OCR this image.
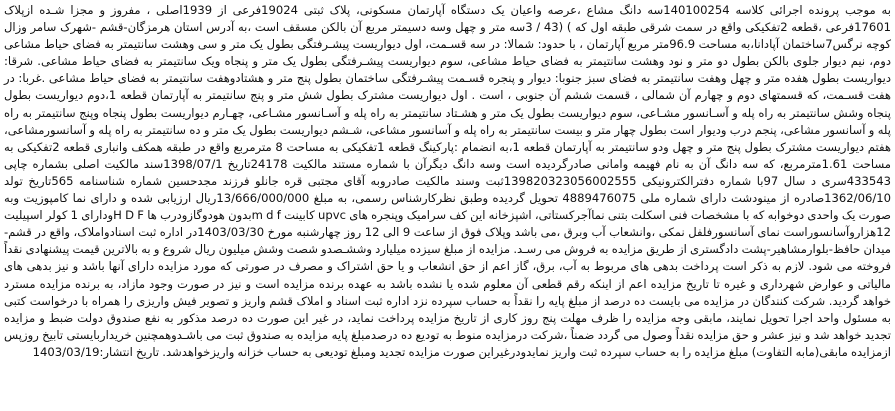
به موجب پرونده اجرائی کلاسه 140100254سه دانگ مشاع ،عرصه واعیان یک دستگاه آپارتمان مسکونی، پلاک ثبتی 19024فرعی از 1939اصلی ، مفروز و مجزا شـده ازپلاک 17601فرعی ،قطعه 2تفکیکی واقع در سمت شرقی طبقه اول که ) (43 / 3سه متر و چهل وسه دسیمتر مربع آن بالکن مسقف است ،به آدرس استان هرمزگان-قشم -شهرک سامر وزال کوچه نرگس7ساختمان آپادانا،به مساحت 96.9متر مربع آپارتمان ، با حدود: شمالا: در سه قسـمت، اول دیواریست پیشـرفتگی بطول یک متر و سی وهشت سانتیمتر به فضای حیاط مشاعی دوم، نیم دیوار جلوی بالکن بطول دو متر و نود وهشت سانتیمتر به فضای حیاط مشاعی، سوم دیواریست پیشـرفتگی بطول یک متر و پنجاه ویک سانتیمتر به فضای حیاط مشاعی. شرقا: دیواریست بطول هفده متر و چهل وهفت سانتیمتر به فضای سبز جنوبا: دیوار و پنجره قسـمت پیشـرفتگی ساختمان بطول پنج متر و هشتادوهفت سانتیمتر به فضای حیاط مشاعی .غربا: در هفت قسـمت، که قسمتهای دوم و چهارم آن شمالی ، قسمت ششم آن جنوبی ، است . اول دیواریست مشترک بطول شش متر و پنج سانتیمتر به آپارتمان قطعه 1،دوم دیواریست بطول پنجاه وشش سانتیمتر به راه پله و آسـانسور مشـاعی، سوم دیواریست بطول یک متر و هشـتاد سانتیمتر به راه پله و آسـانسور مشـاعی، چهـارم دیواریست بطول پنجاه وپنج سانتیمتر به راه پله و آسانسور مشاعی، پنجم درب ودیوار است بطول چهار متر و بیست سانتیمتر به راه پله و آسانسور مشاعی، شـشم دیواریست بطول یک متر و ده سانتیمتر به راه پله و آسانسورمشاعی، هفتم دیواریست مشترک بطول پنج متر و چهل ودو سانتیمتر به آپارتمان قطعه 1،به انضمام :پارکینگ قطعه 1تفکیکی به مساحت 8 مترمربع واقع در طبقه همکف وانباری قطعه 2تفکیکی به مساحت 1.61مترمربع، که سه دانگ آن به نام فهیمه وامانی صادرگردیده است وسه دانگ دیگرآن با شماره مستند مالکیت 24178تاریخ 1398/07/1سند مالکیت اصلی بشماره چاپی 433543سری د سال 97با شماره دفترالکترونیکی 139820323056002555ثبت وسند مالکیت صادروبه آقای مجتبی قره جانلو فرزند مجدحسین شماره شناسنامه 565تاریخ تولد 1362/06/10صادره از مینودشت دارای شماره ملی 4889476075 تحویل گردیده وطبق نظرکارشناس رسمی، به مبلغ 13/666/000/000ریال ارزیابی شده و دارای نما کامپوزیت وبه صورت یک واحدی دوخوابه که با مشخصات فنی اسکلت بتنی نماآجرکستاتی، اشپزخانه این کف سرامیک وپنجره های upvc کابینت m d fبدون هودوگازودرب ها H D Fودارای 1 کولر اسپیلیت 12هزاروآسانسوراست نمای آسانسورفلفل نمکی ،وانشعاب آب وبرق ،می باشد وپلاک فوق از ساعت 9 الی 12 روز چهارشنبه مورخ 1403/03/30در اداره ثبت اسنادواملاک، واقع در قشم-میدان حافظ-بلوارمشاهیر-پشت دادگستری از طریق مزایده به فروش می رسـد. مزایده از مبلغ سیزده میلیارد وششـصدو شصت وشش میلیون ریال شروع و به بالاترین قیمت پیشنهادی نقداً فروخته می شود. لازم به ذکر است پرداخت بدهی های مربوط به آب، برق، گاز اعم از حق انشعاب و یا حق اشتراک و مصرف در صورتی که مورد مزایده دارای آنها باشد و نیز بدهی های مالیاتی و عوارض شهرداری و غیره تا تاریخ مزایده اعم از اینکه رقم قطعی آن معلوم شده یا نشده باشد به عهده برنده مزایده است و نیز در صورت وجود مازاد، به برنده مزایده مسترد خواهد گردید. شرکت کنندگان در مزایده می بایست ده درصد از مبلغ پایه را نقداً به حساب سپرده نزد اداره ثبت اسناد و املاک قشم واریز و تصویر فیش واریزی را همراه با درخواست کتبی به مسئول واحد اجرا تحویل نمایند، مابقی وجه مزایده را ظرف مهلت پنج روز کاری از تاریخ مزایده پرداخت نماید، در غیر این صورت ده درصد مذکور به نفع صندوق دولت ضبط و مزایده تجدید خواهد شد و نیز عشر و حق مزایده نقداً وصول می گردد ضمناً ،شرکت درمزایده منوط به تودیع ده درصدمبلغ پایه مزایده به صندوق ثبت می باشـدوهمچنین خریداربایستی تابیخ روزپس ازمزایده مابقی(مابه التفاوت) مبلغ مزایده را به حساب سپرده ثبت واریز نمایدودرغیراین صورت مزایده تجدید ومبلغ تودیعی به حساب خزانه واریزخواهدشد. تاریخ انتشار:1403/03/19
